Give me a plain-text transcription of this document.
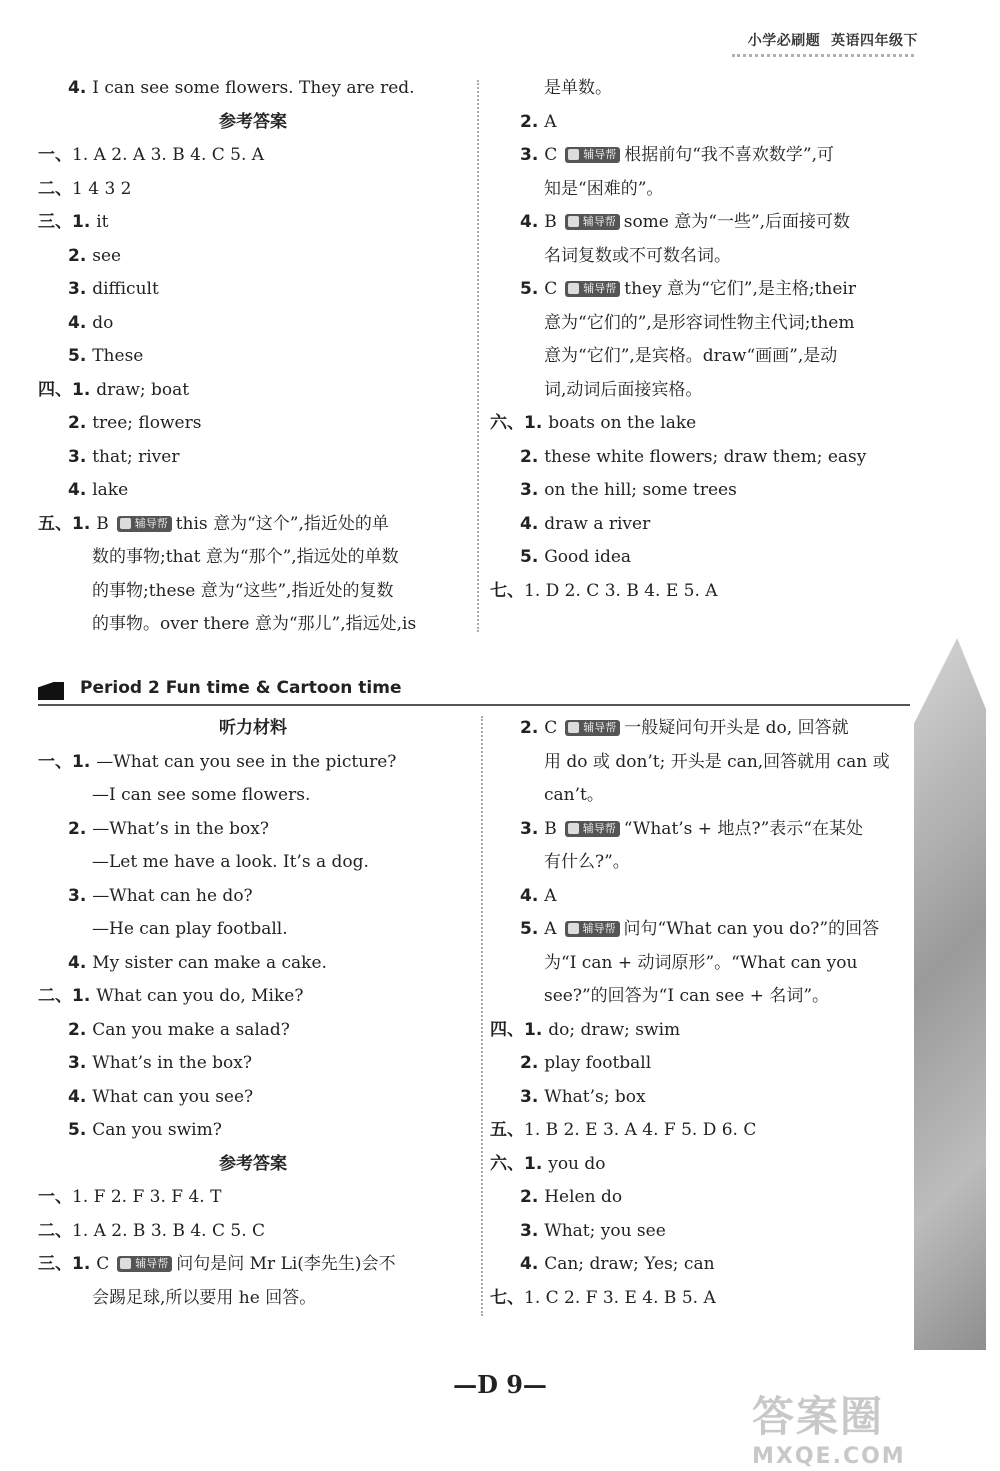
小学必刷题 英语四年级下
4. I can see some flowers. They are red.
参考答案
一、1. A 2. A 3. B 4. C 5. A
二、1 4 3 2
三、1. it
2. see
3. difficult
4. do
5. These
四、1. draw; boat
2. tree; flowers
3. that; river
4. lake
五、1. B 辅导帮 this 意为“这个”,指近处的单
数的事物;that 意为“那个”,指远处的单数
的事物;these 意为“这些”,指近处的复数
的事物。over there 意为“那儿”,指远处,is
是单数。
2. A
3. C 辅导帮 根据前句“我不喜欢数学”,可
知是“困难的”。
4. B 辅导帮 some 意为“一些”,后面接可数
名词复数或不可数名词。
5. C 辅导帮 they 意为“它们”,是主格;their
意为“它们的”,是形容词性物主代词;them
意为“它们”,是宾格。draw“画画”,是动
词,动词后面接宾格。
六、1. boats on the lake
2. these white flowers; draw them; easy
3. on the hill; some trees
4. draw a river
5. Good idea
七、1. D 2. C 3. B 4. E 5. A
Period 2 Fun time & Cartoon time
听力材料
一、1. —What can you see in the picture?
—I can see some flowers.
2. —What’s in the box?
—Let me have a look. It’s a dog.
3. —What can he do?
—He can play football.
4. My sister can make a cake.
二、1. What can you do, Mike?
2. Can you make a salad?
3. What’s in the box?
4. What can you see?
5. Can you swim?
参考答案
一、1. F 2. F 3. F 4. T
二、1. A 2. B 3. B 4. C 5. C
三、1. C 辅导帮 问句是问 Mr Li(李先生)会不
会踢足球,所以要用 he 回答。
2. C 辅导帮 一般疑问句开头是 do, 回答就
用 do 或 don’t; 开头是 can,回答就用 can 或
can’t。
3. B 辅导帮 “What’s + 地点?”表示“在某处
有什么?”。
4. A
5. A 辅导帮 问句“What can you do?”的回答
为“I can + 动词原形”。“What can you
see?”的回答为“I can see + 名词”。
四、1. do; draw; swim
2. play football
3. What’s; box
五、1. B 2. E 3. A 4. F 5. D 6. C
六、1. you do
2. Helen do
3. What; you see
4. Can; draw; Yes; can
七、1. C 2. F 3. E 4. B 5. A
—D 9—
答案圈
MXQE.COM
